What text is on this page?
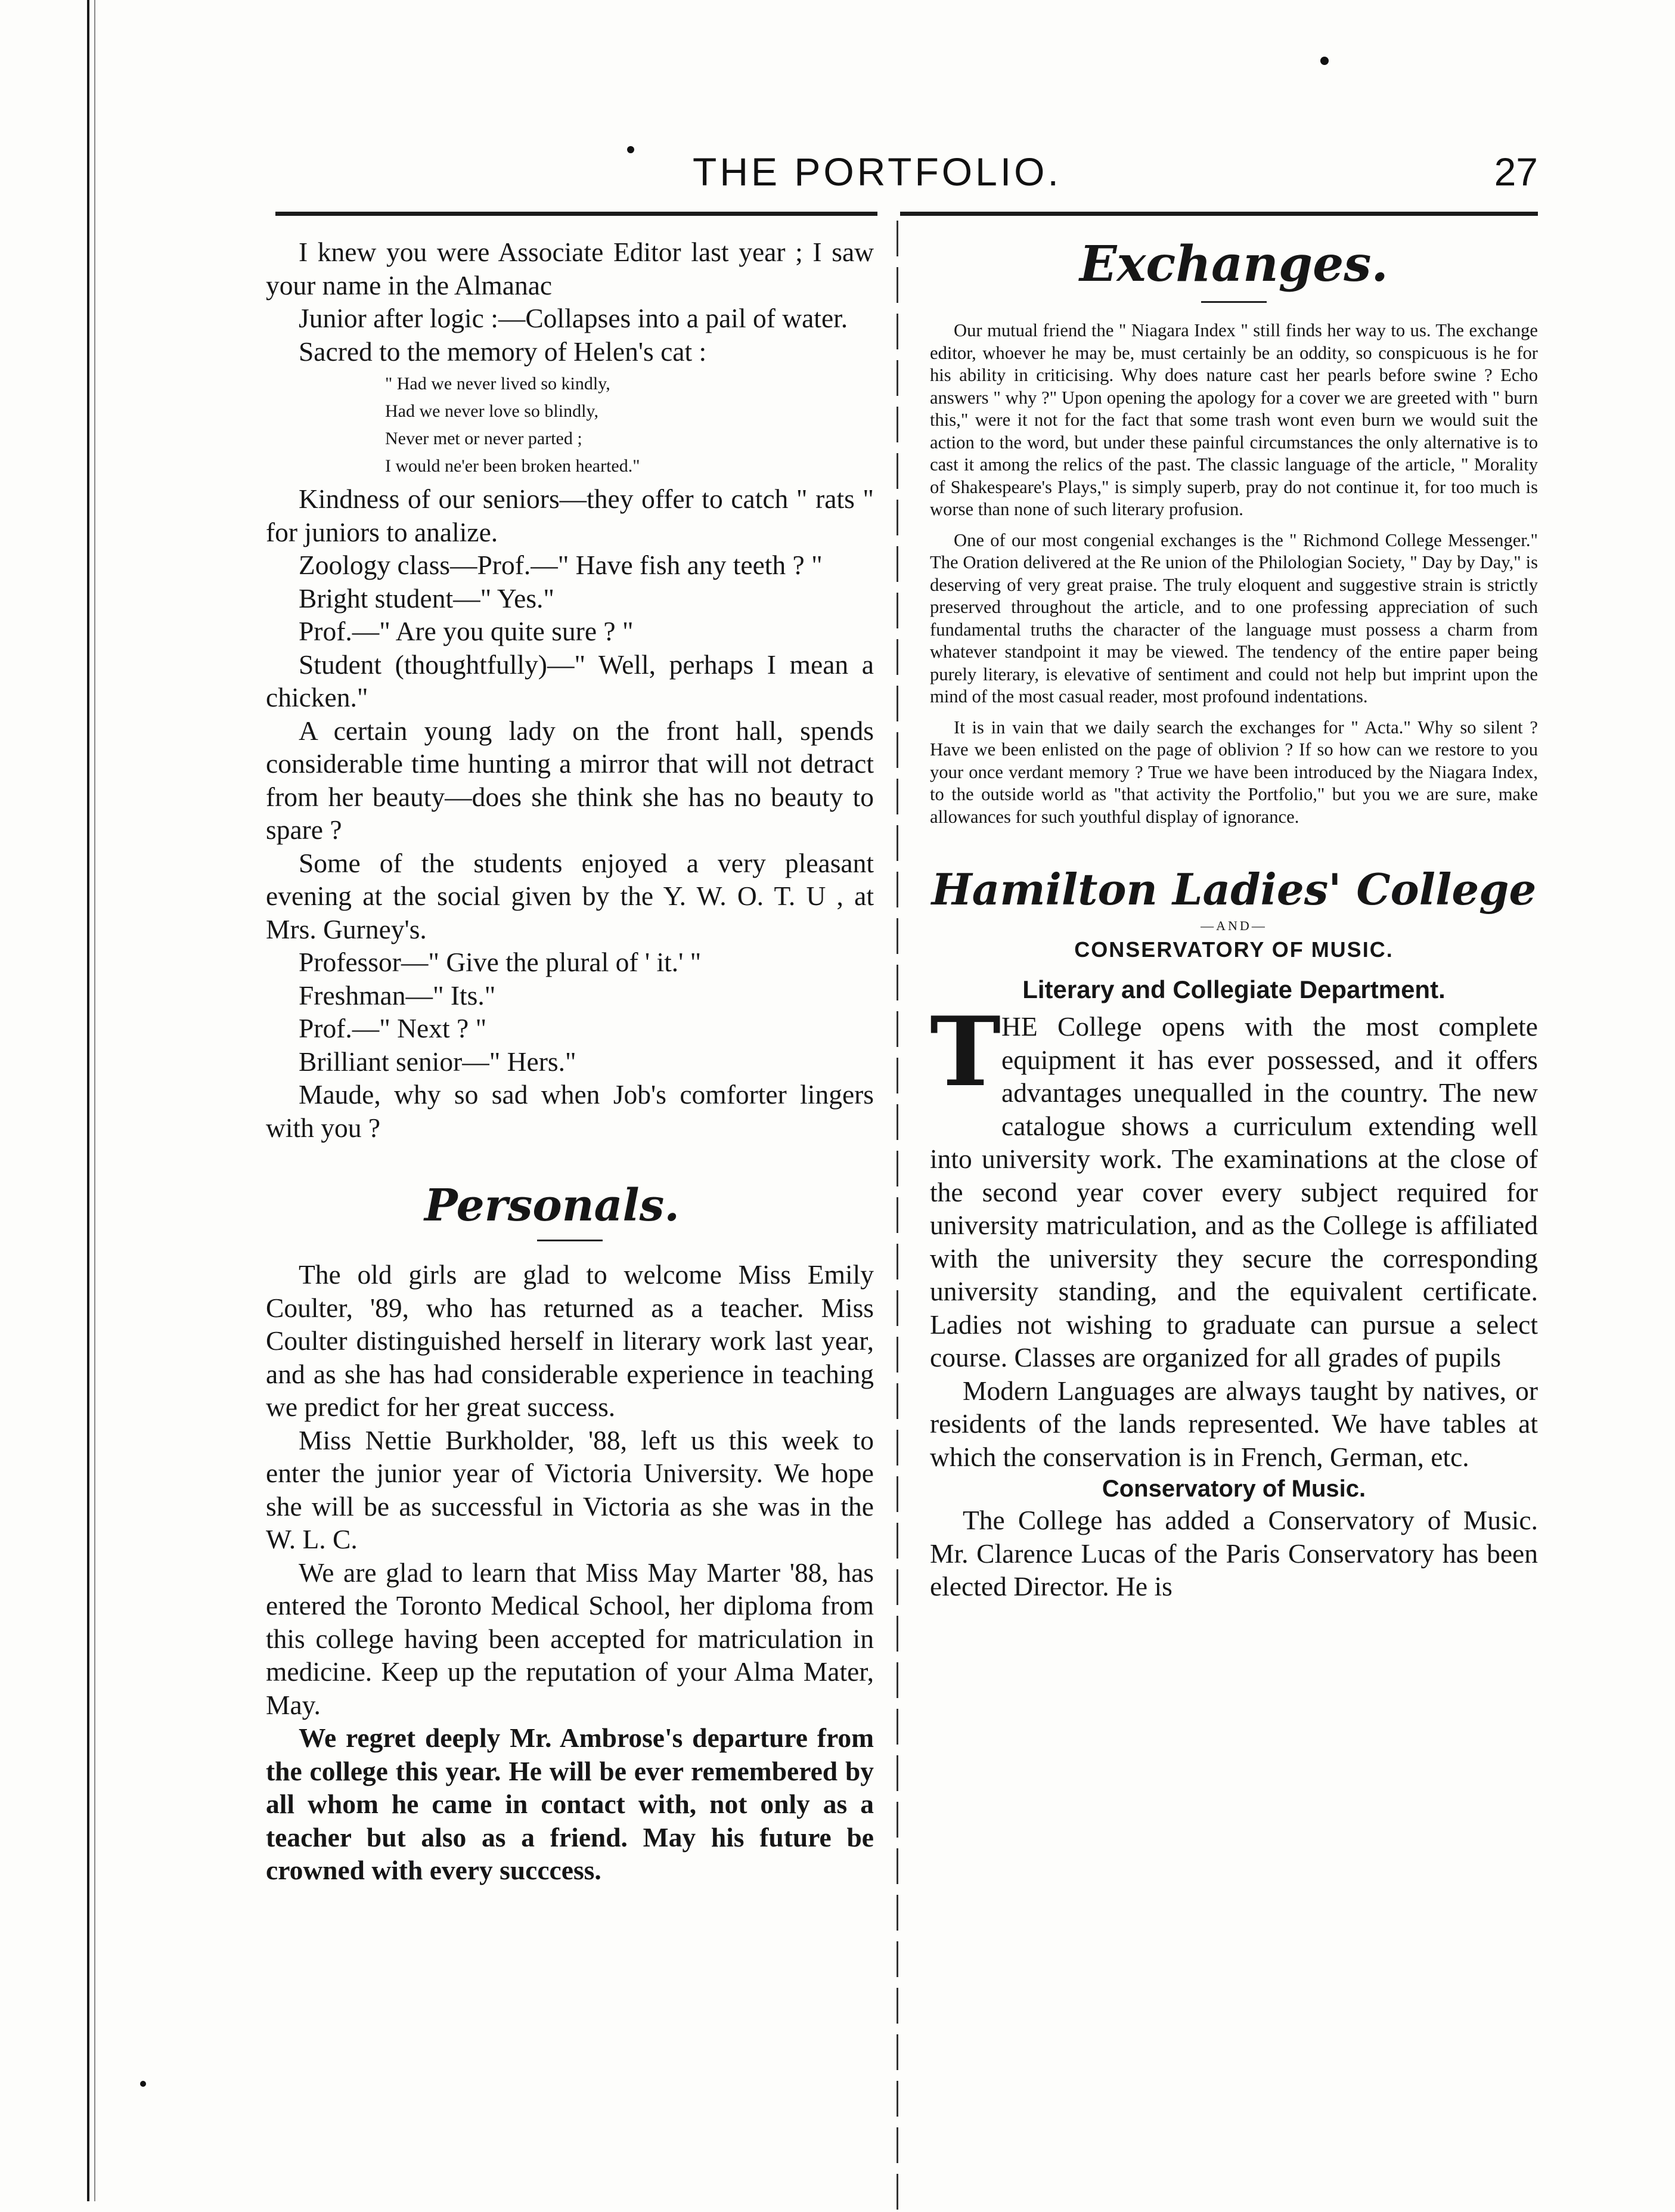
THE PORTFOLIO.	27

I knew you were Associate Editor last year ; I saw your name in the Almanac

Junior after logic :—Collapses into a pail of water.

Sacred to the memory of Helen's cat :

" Had we never lived so kindly,
Had we never love so blindly,
Never met or never parted ;
I would ne'er been broken hearted."

Kindness of our seniors—they offer to catch " rats " for juniors to analize.

Zoology class—Prof.—" Have fish any teeth ? "

Bright student—" Yes."

Prof.—" Are you quite sure ? "

Student (thoughtfully)—" Well, perhaps I mean a chicken."

A certain young lady on the front hall, spends considerable time hunting a mirror that will not detract from her beauty—does she think she has no beauty to spare ?

Some of the students enjoyed a very pleasant evening at the social given by the Y. W. O. T. U , at Mrs. Gurney's.

Professor—" Give the plural of ' it.' "

Freshman—" Its."

Prof.—" Next ? "

Brilliant senior—" Hers."

Maude, why so sad when Job's comforter lingers with you ?

Personals.

The old girls are glad to welcome Miss Emily Coulter, '89, who has returned as a teacher. Miss Coulter distinguished herself in literary work last year, and as she has had considerable experience in teaching we predict for her great success.

Miss Nettie Burkholder, '88, left us this week to enter the junior year of Victoria University. We hope she will be as successful in Victoria as she was in the W. L. C.

We are glad to learn that Miss May Marter '88, has entered the Toronto Medical School, her diploma from this college having been accepted for matriculation in medicine. Keep up the reputation of your Alma Mater, May.

We regret deeply Mr. Ambrose's departure from the college this year. He will be ever remembered by all whom he came in contact with, not only as a teacher but also as a friend. May his future be crowned with every succcess.

Exchanges.

Our mutual friend the " Niagara Index " still finds her way to us. The exchange editor, whoever he may be, must certainly be an oddity, so conspicuous is he for his ability in criticising. Why does nature cast her pearls before swine ? Echo answers " why ?" Upon opening the apology for a cover we are greeted with " burn this," were it not for the fact that some trash wont even burn we would suit the action to the word, but under these painful circumstances the only alternative is to cast it among the relics of the past. The classic language of the article, " Morality of Shakespeare's Plays," is simply superb, pray do not continue it, for too much is worse than none of such literary profusion.

One of our most congenial exchanges is the " Richmond College Messenger." The Oration delivered at the Re union of the Philologian Society, " Day by Day," is deserving of very great praise. The truly eloquent and suggestive strain is strictly preserved throughout the article, and to one professing appreciation of such fundamental truths the character of the language must possess a charm from whatever standpoint it may be viewed. The tendency of the entire paper being purely literary, is elevative of sentiment and could not help but imprint upon the mind of the most casual reader, most profound indentations.

It is in vain that we daily search the exchanges for " Acta." Why so silent ? Have we been enlisted on the page of oblivion ? If so how can we restore to you your once verdant memory ? True we have been introduced by the Niagara Index, to the outside world as "that activity the Portfolio," but you we are sure, make allowances for such youthful display of ignorance.

Hamilton Ladies' College
—AND—
CONSERVATORY OF MUSIC.
Literary and Collegiate Department.

THE College opens with the most complete equipment it has ever possessed, and it offers advantages unequalled in the country. The new catalogue shows a curriculum extending well into university work. The examinations at the close of the second year cover every subject required for university matriculation, and as the College is affiliated with the university they secure the corresponding university standing, and the equivalent certificate. Ladies not wishing to graduate can pursue a select course. Classes are organized for all grades of pupils

Modern Languages are always taught by natives, or residents of the lands represented. We have tables at which the conservation is in French, German, etc.

Conservatory of Music.

The College has added a Conservatory of Music. Mr. Clarence Lucas of the Paris Conservatory has been elected Director. He is
